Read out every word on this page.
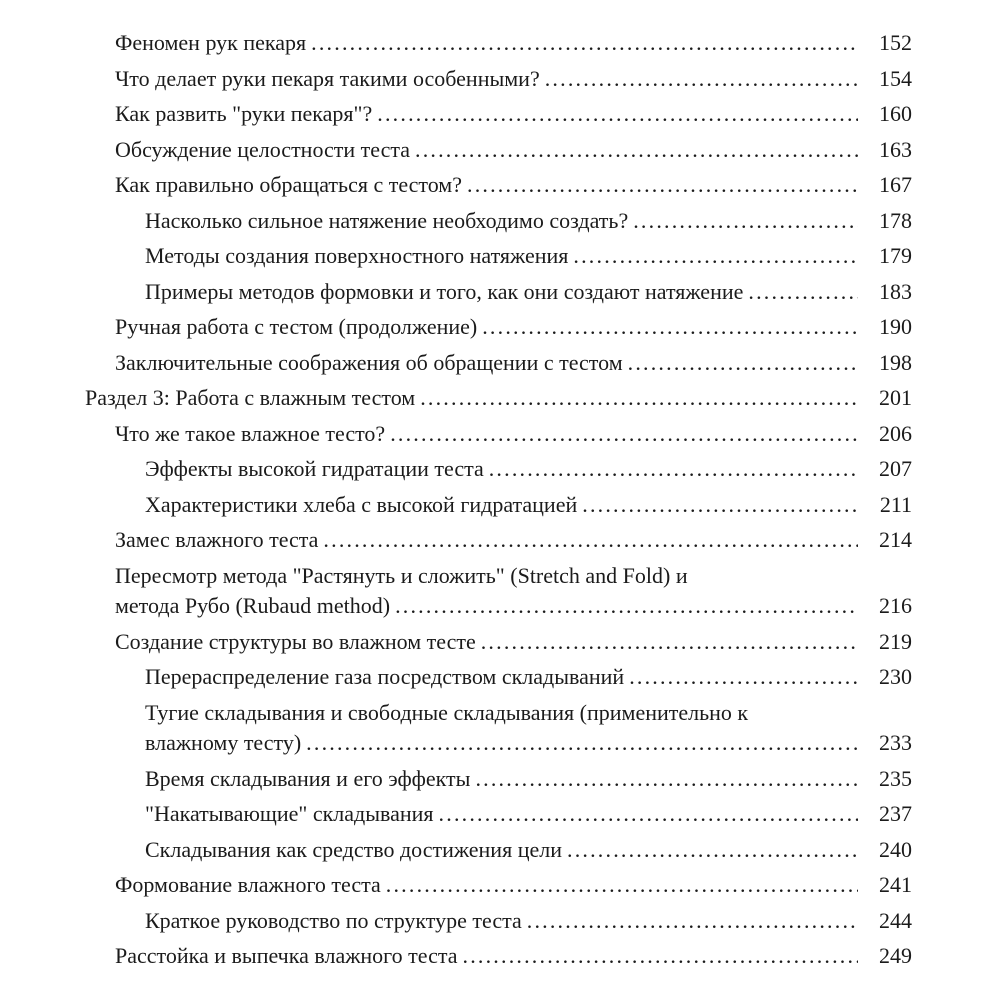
Феномен рук пекаря .....	152
Что делает руки пекаря такими особенными? .....	154
Как развить "руки пекаря"? .....	160
Обсуждение целостности теста .....	163
Как правильно обращаться с тестом? .....	167
Насколько сильное натяжение необходимо создать? .....	178
Методы создания поверхностного натяжения .....	179
Примеры методов формовки и того, как они создают натяжение .....	183
Ручная работа с тестом (продолжение) .....	190
Заключительные соображения об обращении с тестом .....	198
Раздел 3: Работа с влажным тестом .....	201
Что же такое влажное тесто? .....	206
Эффекты высокой гидратации теста .....	207
Характеристики хлеба с высокой гидратацией .....	211
Замес влажного теста .....	214
Пересмотр метода "Растянуть и сложить" (Stretch and Fold) и
метода Рубо (Rubaud method) .....	216
Создание структуры во влажном тесте .....	219
Перераспределение газа посредством складываний .....	230
Тугие складывания и свободные складывания (применительно к
влажному тесту) .....	233
Время складывания и его эффекты .....	235
"Накатывающие" складывания .....	237
Складывания как средство достижения цели .....	240
Формование влажного теста .....	241
Краткое руководство по структуре теста .....	244
Расстойка и выпечка влажного теста .....	249
